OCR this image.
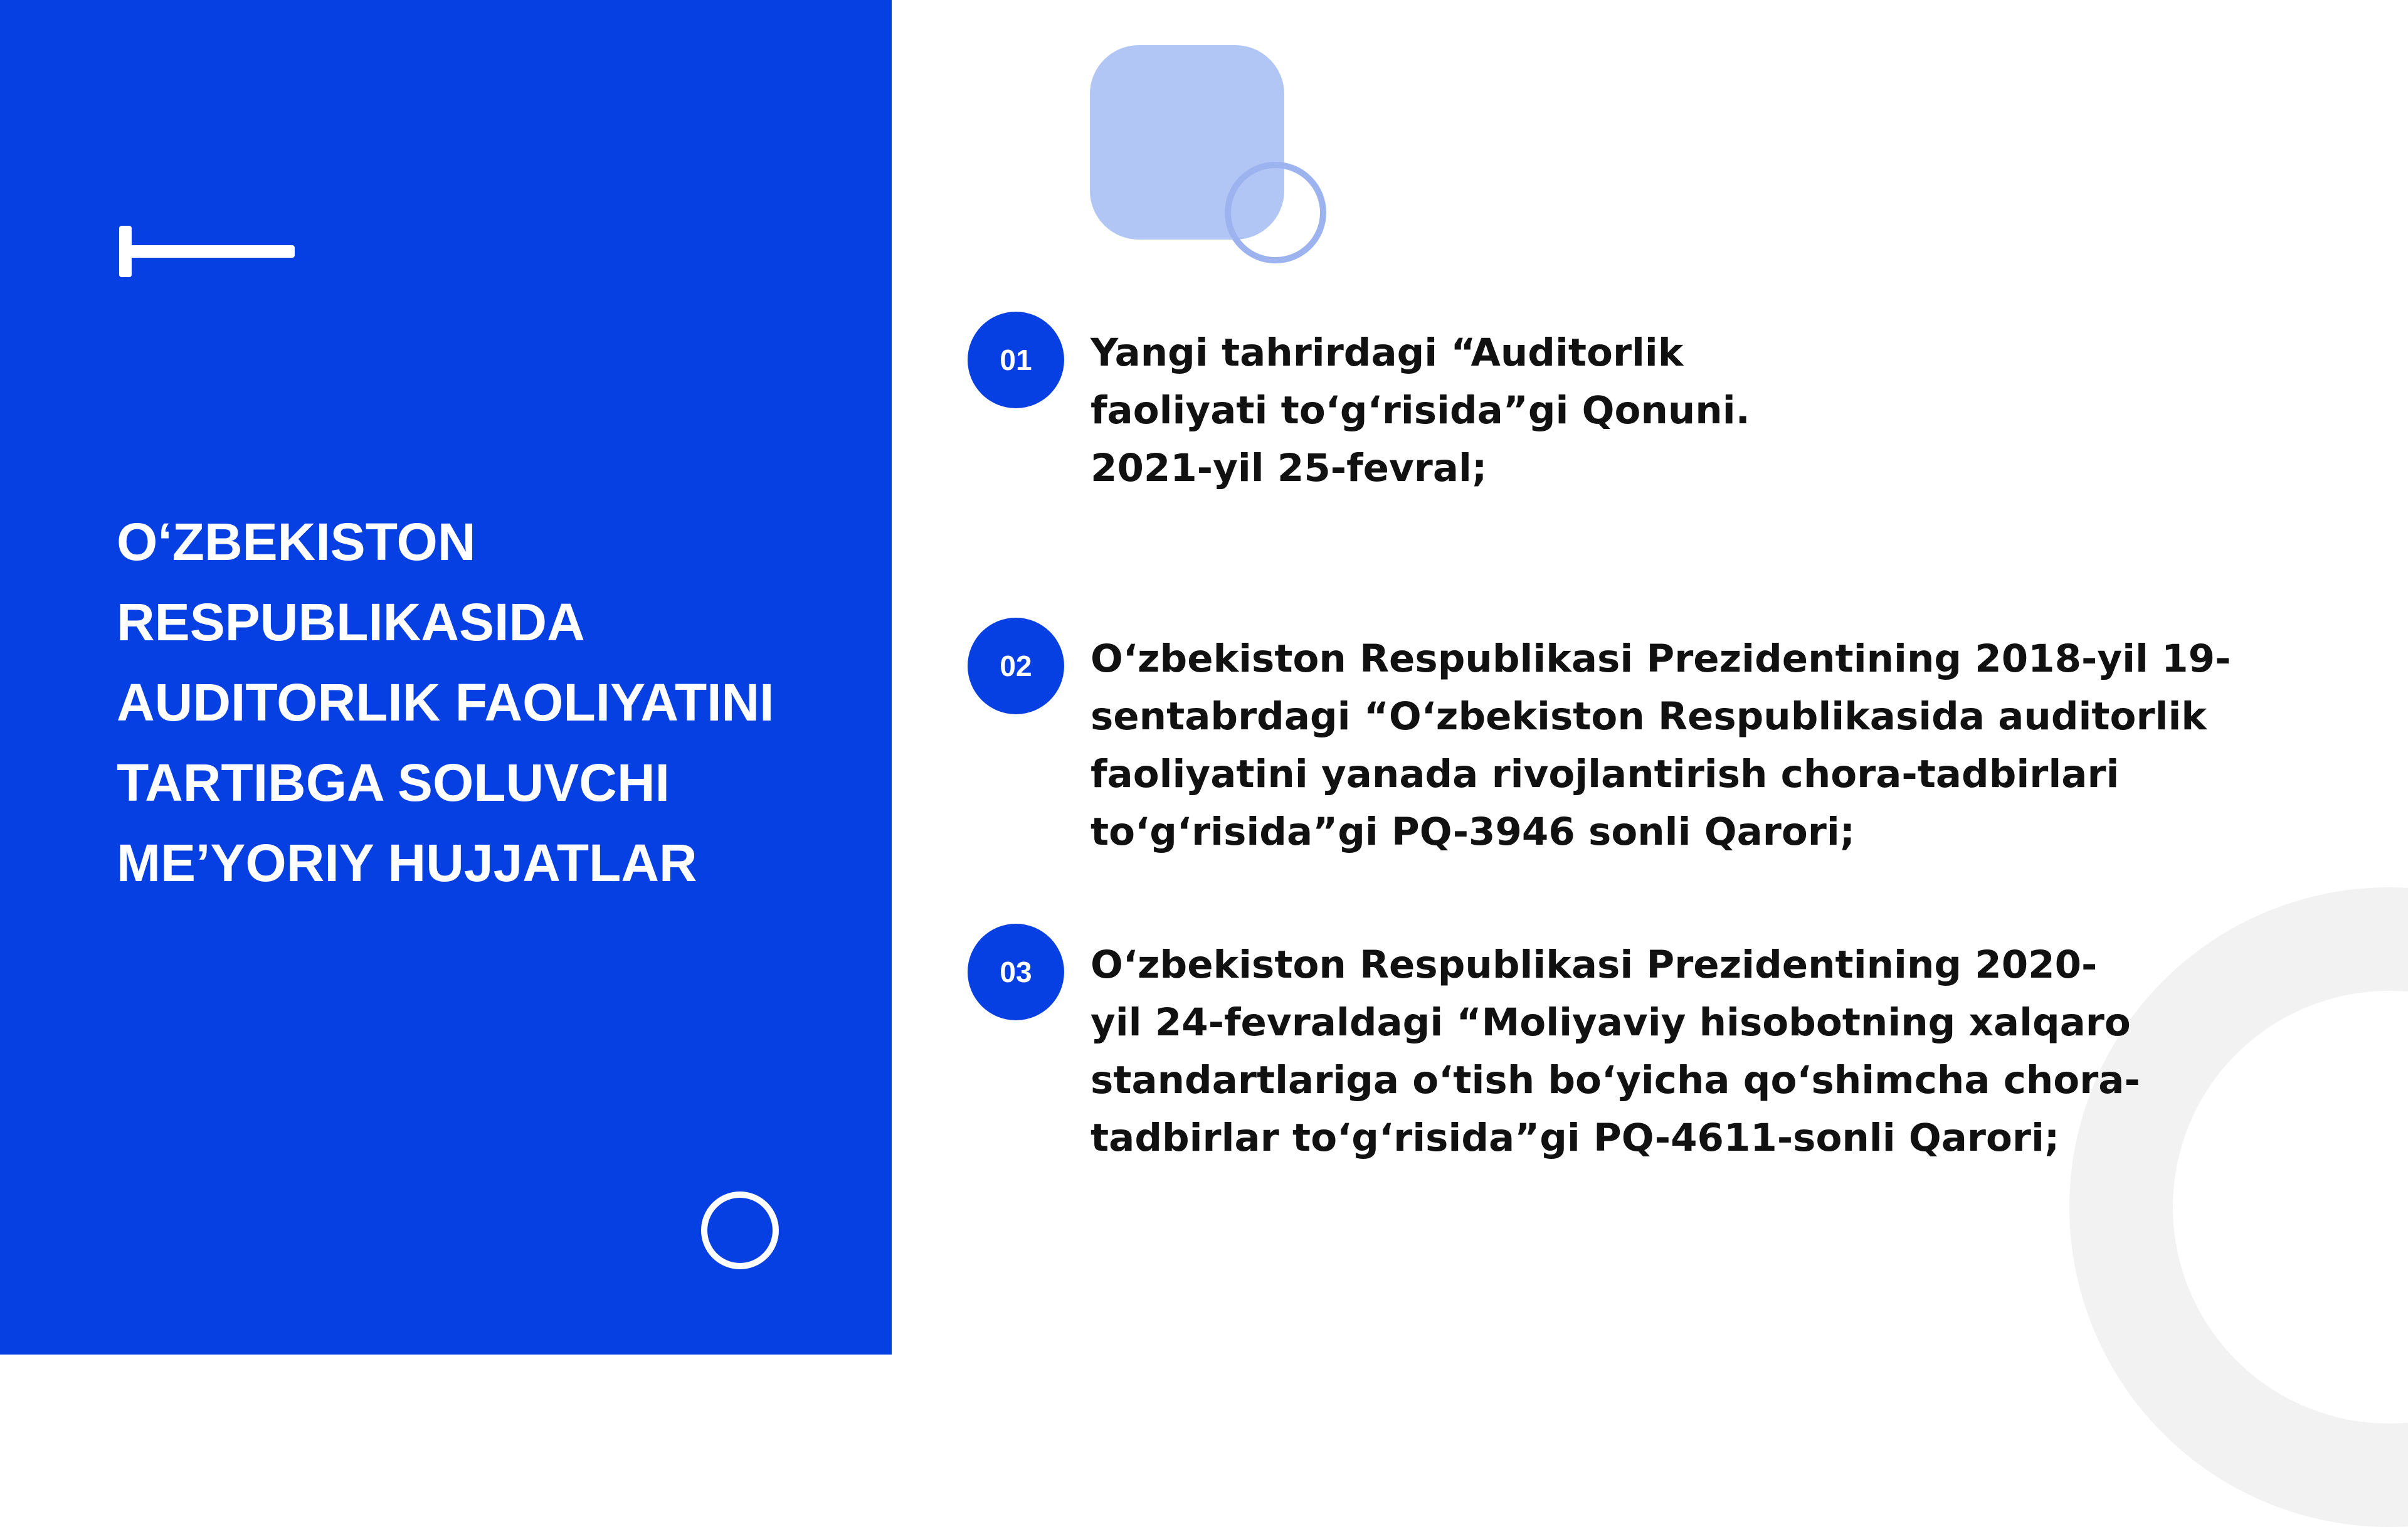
O‘ZBEKISTON
RESPUBLIKASIDA
AUDITORLIK FAOLIYATINI
TARTIBGA SOLUVCHI
ME’YORIY HUJJATLAR
01	Yangi tahrirdagi “Auditorlik
faoliyati to‘g‘risida”gi Qonuni.
2021-yil 25-fevral;

02	O‘zbekiston Respublikasi Prezidentining 2018-yil 19-
sentabrdagi “O‘zbekiston Respublikasida auditorlik
faoliyatini yanada rivojlantirish chora-tadbirlari
to‘g‘risida”gi PQ-3946 sonli Qarori;

03	O‘zbekiston Respublikasi Prezidentining 2020-
yil 24-fevraldagi “Moliyaviy hisobotning xalqaro
standartlariga o‘tish bo‘yicha qo‘shimcha chora-
tadbirlar to‘g‘risida”gi PQ-4611-sonli Qarori;
